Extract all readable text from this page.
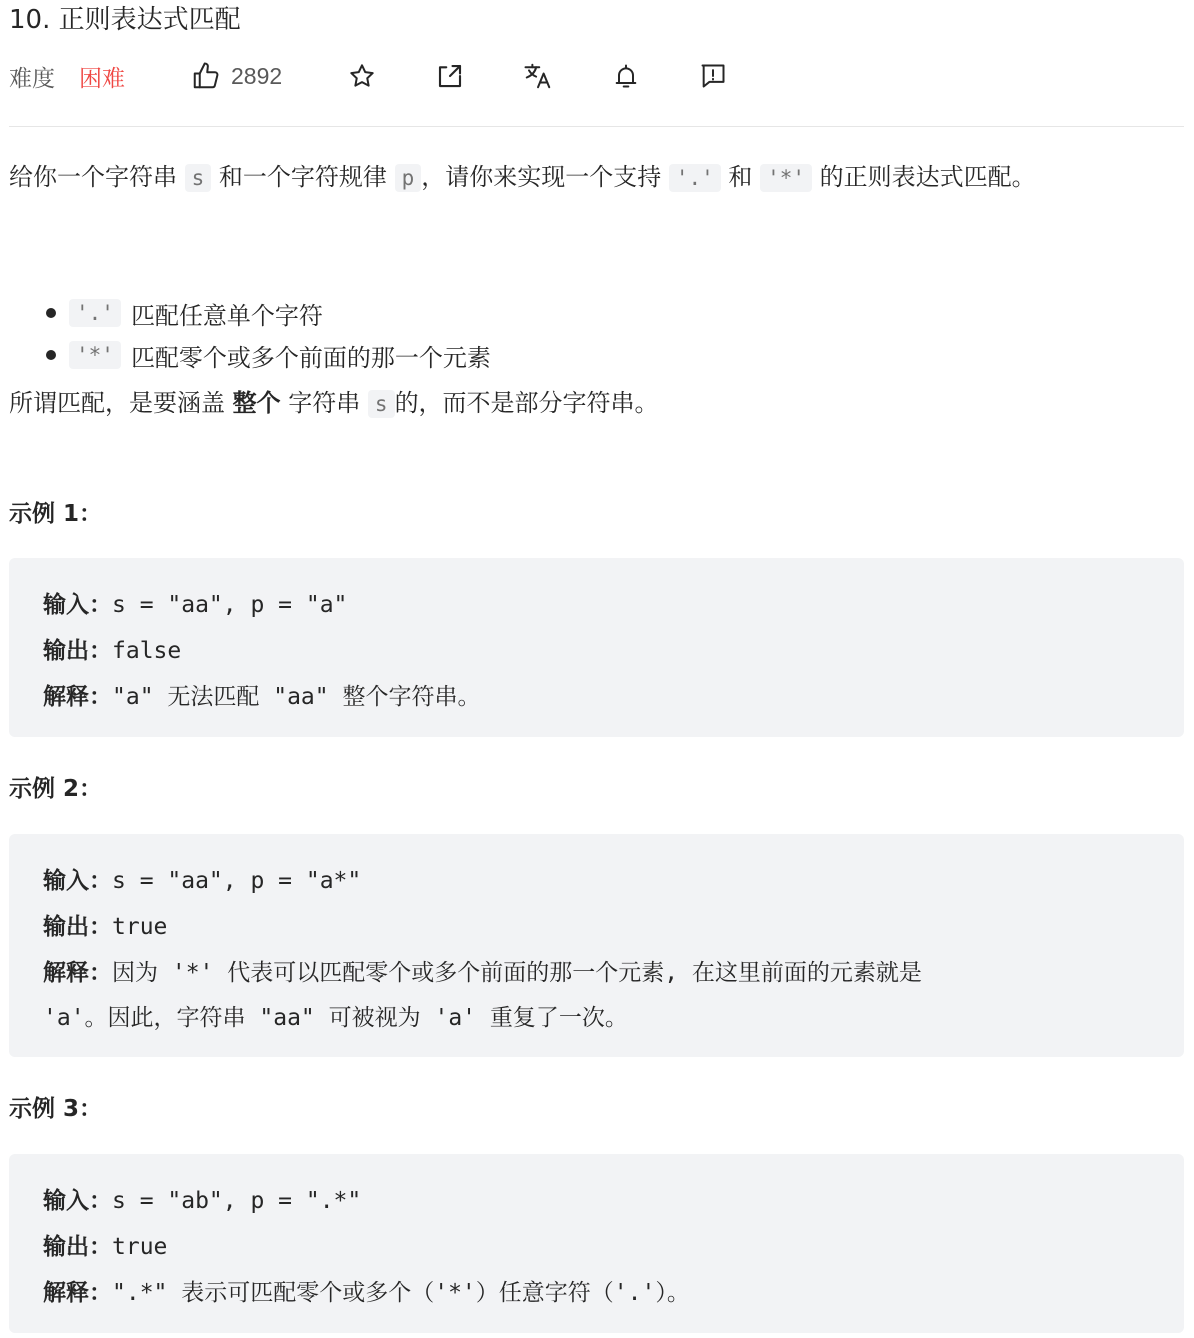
10. 正则表达式匹配
难度 困难	2892
给你一个字符串 s 和一个字符规律 p ，请你来实现一个支持 '.' 和 '*' 的正则表达式匹配。
'.' 匹配任意单个字符
'*' 匹配零个或多个前面的那一个元素
所谓匹配，是要涵盖 整个 字符串 s 的，而不是部分字符串。
示例 1：
输入：s = "aa", p = "a"
输出：false
解释："a" 无法匹配 "aa" 整个字符串。
示例 2：
输入：s = "aa", p = "a*"
输出：true
解释：因为 '*' 代表可以匹配零个或多个前面的那一个元素, 在这里前面的元素就是
'a'。因此，字符串 "aa" 可被视为 'a' 重复了一次。
示例 3：
输入：s = "ab", p = ".*"
输出：true
解释：".*" 表示可匹配零个或多个（'*'）任意字符（'.'）。
